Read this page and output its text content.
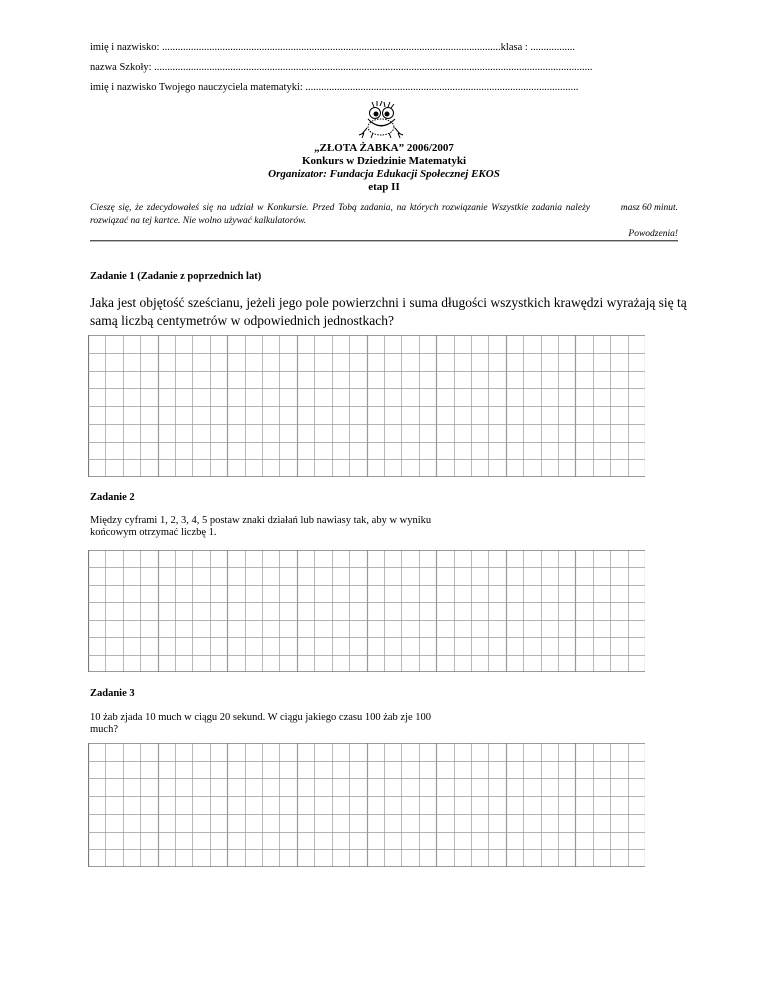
imię i nazwisko: .................................................................................................................................klasa : .................
nazwa Szkoły: .......................................................................................................................................................................
imię i nazwisko Twojego nauczyciela matematyki: ........................................................................................................
„ZŁOTA ŻABKA” 2006/2007
Konkurs w Dziedzinie Matematyki
Organizator: Fundacja Edukacji Społecznej EKOS
etap II
Cieszę się, że zdecydowałeś się na udział w Konkursie. Przed Tobą zadania, na których rozwiązanie Wszystkie zadania należy rozwiązać na tej kartce. Nie wolno używać kalkulatorów.
masz 60 minut.
Powodzenia!
Zadanie 1 (Zadanie z poprzednich lat)
Jaka jest objętość sześcianu, jeżeli jego pole powierzchni i suma długości wszystkich krawędzi wyrażają się tą samą liczbą centymetrów w odpowiednich jednostkach?
Zadanie 2
Między cyframi 1, 2, 3, 4, 5 postaw znaki działań lub nawiasy tak, aby w wyniku końcowym otrzymać liczbę 1.
Zadanie 3
10 żab zjada 10 much w ciągu 20 sekund. W ciągu jakiego czasu 100 żab zje 100 much?
